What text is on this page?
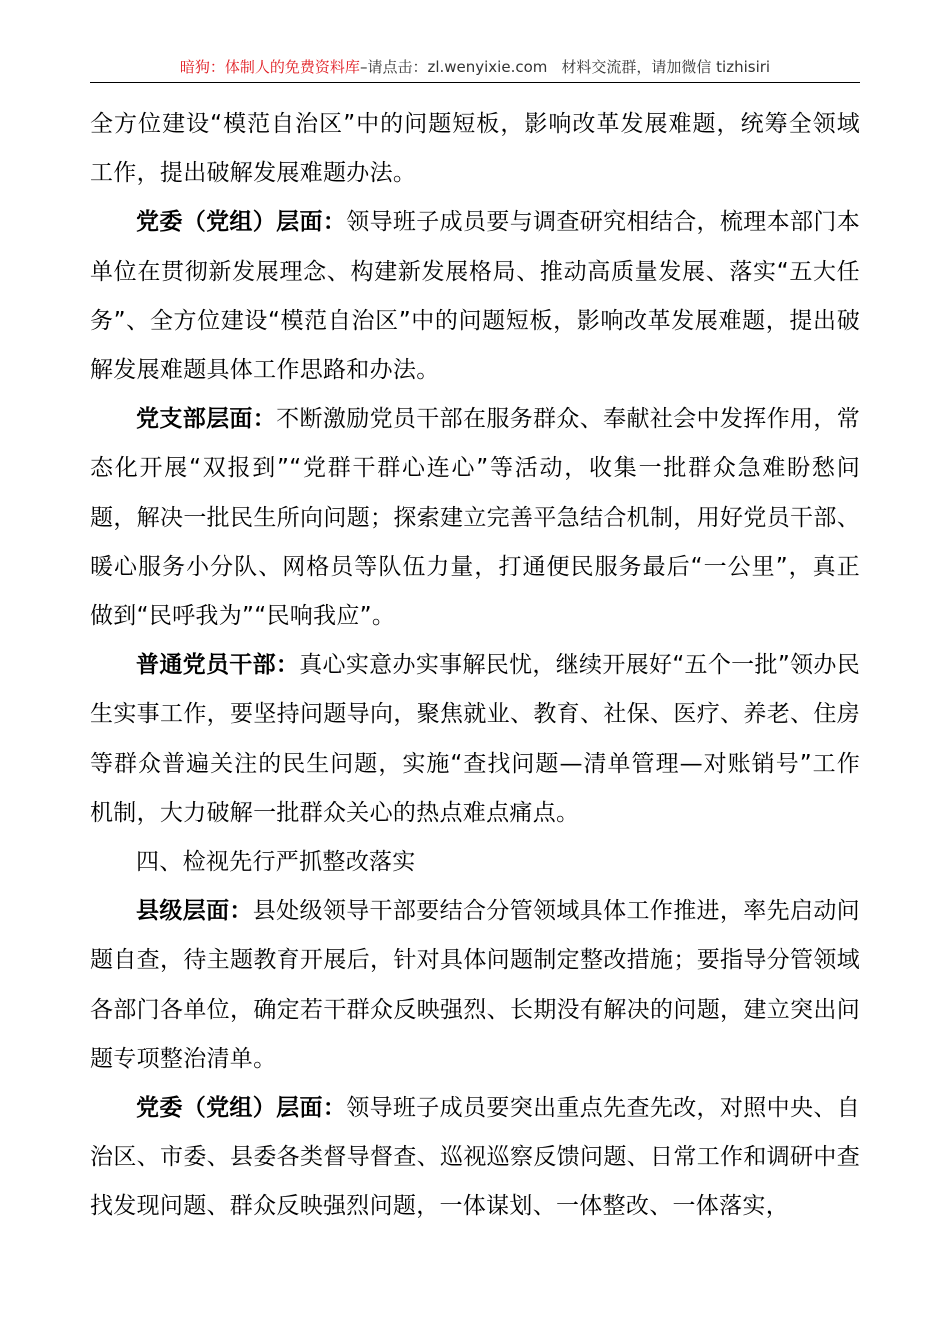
暗狗：体制人的免费资料库–请点击：zl.wenyixie.com 材料交流群，请加微信 tizhisiri

全方位建设“模范自治区”中的问题短板，影响改革发展难题，统筹全领域工作，提出破解发展难题办法。

党委（党组）层面：领导班子成员要与调查研究相结合，梳理本部门本单位在贯彻新发展理念、构建新发展格局、推动高质量发展、落实“五大任务”、全方位建设“模范自治区”中的问题短板，影响改革发展难题，提出破解发展难题具体工作思路和办法。

党支部层面：不断激励党员干部在服务群众、奉献社会中发挥作用，常态化开展“双报到”“党群干群心连心”等活动，收集一批群众急难盼愁问题，解决一批民生所向问题；探索建立完善平急结合机制，用好党员干部、暖心服务小分队、网格员等队伍力量，打通便民服务最后“一公里”，真正做到“民呼我为”“民响我应”。

普通党员干部：真心实意办实事解民忧，继续开展好“五个一批”领办民生实事工作，要坚持问题导向，聚焦就业、教育、社保、医疗、养老、住房等群众普遍关注的民生问题，实施“查找问题—清单管理—对账销号”工作机制，大力破解一批群众关心的热点难点痛点。

四、检视先行严抓整改落实

县级层面：县处级领导干部要结合分管领域具体工作推进，率先启动问题自查，待主题教育开展后，针对具体问题制定整改措施；要指导分管领域各部门各单位，确定若干群众反映强烈、长期没有解决的问题，建立突出问题专项整治清单。

党委（党组）层面：领导班子成员要突出重点先查先改，对照中央、自治区、市委、县委各类督导督查、巡视巡察反馈问题、日常工作和调研中查找发现问题、群众反映强烈问题，一体谋划、一体整改、一体落实，
